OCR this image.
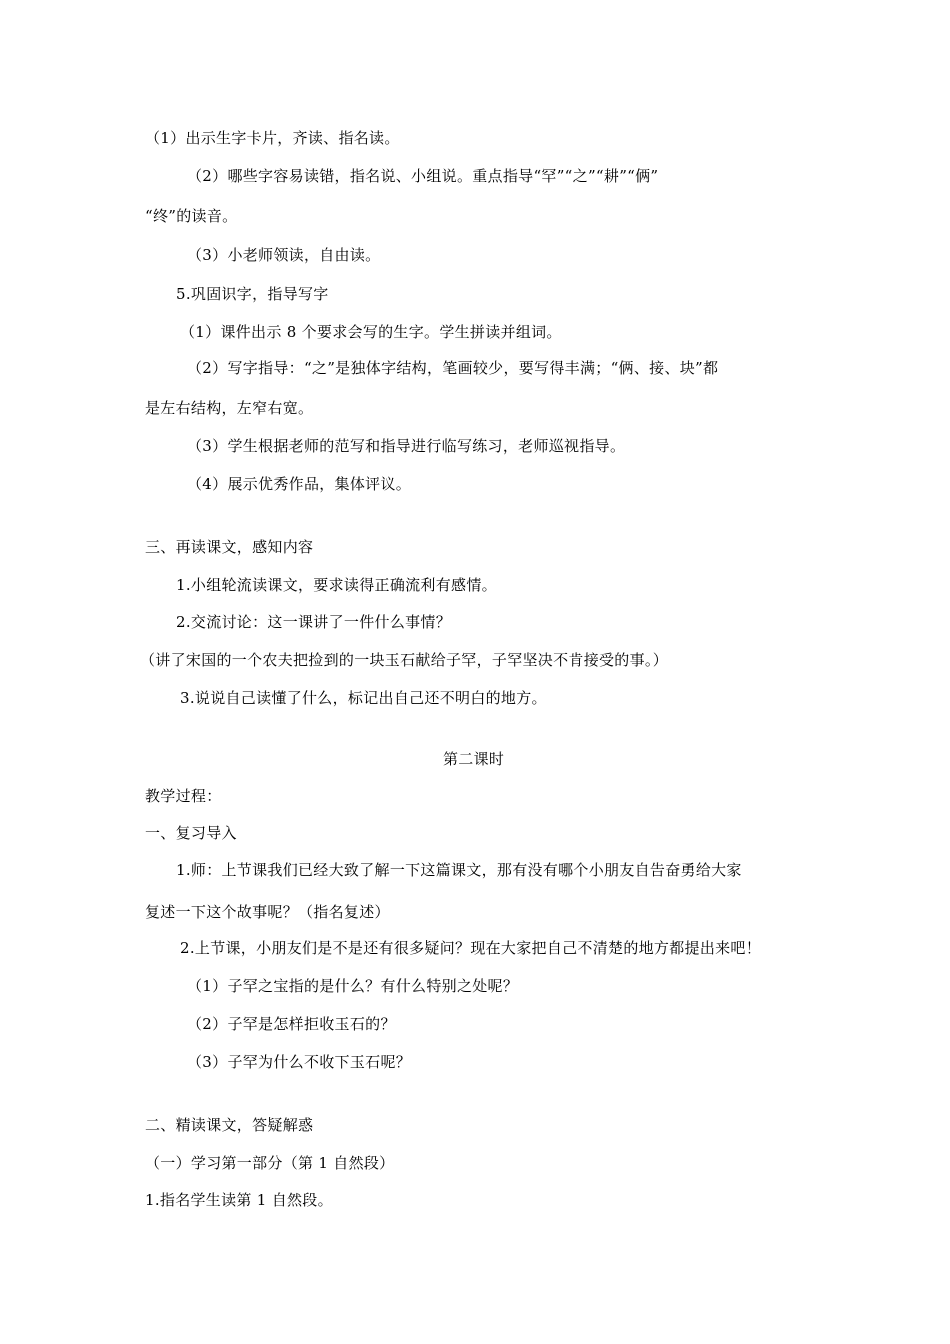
（1）出示生字卡片，齐读、指名读。
（2）哪些字容易读错，指名说、小组说。重点指导“罕”“之”“耕”“俩”
“终”的读音。
（3）小老师领读，自由读。
5.巩固识字，指导写字
（1）课件出示 8 个要求会写的生字。学生拼读并组词。
（2）写字指导：“之”是独体字结构，笔画较少，要写得丰满；“俩、接、块”都
是左右结构，左窄右宽。
（3）学生根据老师的范写和指导进行临写练习，老师巡视指导。
（4）展示优秀作品，集体评议。
三、再读课文，感知内容
1.小组轮流读课文，要求读得正确流利有感情。
2.交流讨论：这一课讲了一件什么事情？
（讲了宋国的一个农夫把捡到的一块玉石献给子罕，子罕坚决不肯接受的事。）
3.说说自己读懂了什么，标记出自己还不明白的地方。
第二课时
教学过程：
一、复习导入
1.师：上节课我们已经大致了解一下这篇课文，那有没有哪个小朋友自告奋勇给大家
复述一下这个故事呢？（指名复述）
2.上节课，小朋友们是不是还有很多疑问？现在大家把自己不清楚的地方都提出来吧！
（1）子罕之宝指的是什么？有什么特别之处呢？
（2）子罕是怎样拒收玉石的？
（3）子罕为什么不收下玉石呢？
二、精读课文，答疑解惑
（一）学习第一部分（第 1 自然段）
1.指名学生读第 1 自然段。
